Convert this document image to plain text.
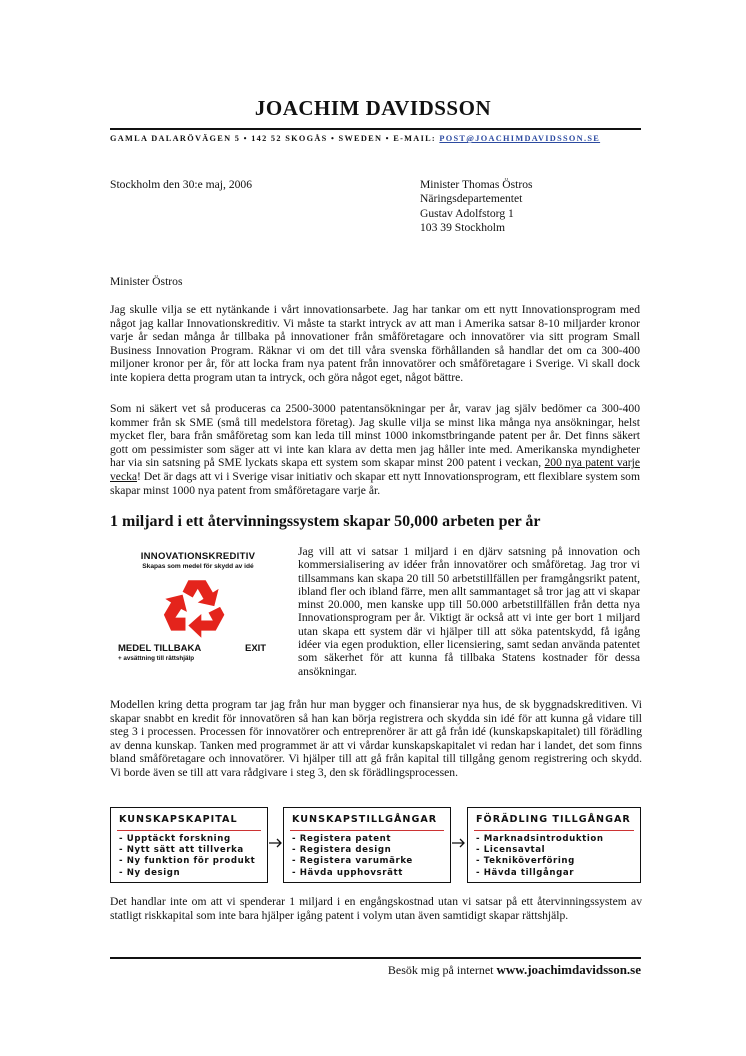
JOACHIM DAVIDSSON
GAMLA DALARÖVÄGEN 5 • 142 52 SKOGÅS • SWEDEN • E-MAIL: POST@JOACHIMDAVIDSSON.SE
Stockholm den 30:e maj, 2006	Minister Thomas Östros
Näringsdepartementet
Gustav Adolfstorg 1
103 39 Stockholm
Minister Östros
Jag skulle vilja se ett nytänkande i vårt innovationsarbete. Jag har tankar om ett nytt Innovationsprogram med något jag kallar Innovationskreditiv. Vi måste ta starkt intryck av att man i Amerika satsar 8-10 miljarder kronor varje år sedan många år tillbaka på innovationer från småföretagare och innovatörer via sitt program Small Business Innovation Program. Räknar vi om det till våra svenska förhållanden så handlar det om ca 300-400 miljoner kronor per år, för att locka fram nya patent från innovatörer och småföretagare i Sverige. Vi skall dock inte kopiera detta program utan ta intryck, och göra något eget, något bättre.
Som ni säkert vet så produceras ca 2500-3000 patentansökningar per år, varav jag själv bedömer ca 300-400 kommer från sk SME (små till medelstora företag). Jag skulle vilja se minst lika många nya ansökningar, helst mycket fler, bara från småföretag som kan leda till minst 1000 inkomstbringande patent per år. Det finns säkert gott om pessimister som säger att vi inte kan klara av detta men jag håller inte med. Amerikanska myndigheter har via sin satsning på SME lyckats skapa ett system som skapar minst 200 patent i veckan, 200 nya patent varje vecka! Det är dags att vi i Sverige visar initiativ och skapar ett nytt Innovationsprogram, ett flexiblare system som skapar minst 1000 nya patent from småföretagare varje år.
1 miljard i ett återvinningssystem skapar 50,000 arbeten per år
INNOVATIONSKREDITIV
Skapas som medel för skydd av idé
MEDEL TILLBAKA	EXIT
+ avsättning till rättshjälp
Jag vill att vi satsar 1 miljard i en djärv satsning på innovation och kommersialisering av idéer från innovatörer och småföretag. Jag tror vi tillsammans kan skapa 20 till 50 arbetstillfällen per framgångsrikt patent, ibland fler och ibland färre, men allt sammantaget så tror jag att vi skapar minst 20.000, men kanske upp till 50.000 arbetstillfällen från detta nya Innovationsprogram per år. Viktigt är också att vi inte ger bort 1 miljard utan skapa ett system där vi hjälper till att söka patentskydd, få igång idéer via egen produktion, eller licensiering, samt sedan använda patentet som säkerhet för att kunna få tillbaka Statens kostnader för dessa ansökningar.
Modellen kring detta program tar jag från hur man bygger och finansierar nya hus, de sk byggnadskreditiven. Vi skapar snabbt en kredit för innovatören så han kan börja registrera och skydda sin idé för att kunna gå vidare till steg 3 i processen. Processen för innovatörer och entreprenörer är att gå från idé (kunskapskapitalet) till förädling av denna kunskap. Tanken med programmet är att vi vårdar kunskapskapitalet vi redan har i landet, det som finns bland småföretagare och innovatörer. Vi hjälper till att gå från kapital till tillgång genom registrering och skydd. Vi borde även se till att vara rådgivare i steg 3, den sk förädlingsprocessen.
KUNSKAPSKAPITAL
- Upptäckt forskning
- Nytt sätt att tillverka
- Ny funktion för produkt
- Ny design
KUNSKAPSTILLGÅNGAR
- Registera patent
- Registera design
- Registera varumärke
- Hävda upphovsrätt
FÖRÄDLING TILLGÅNGAR
- Marknadsintroduktion
- Licensavtal
- Tekniköverföring
- Hävda tillgångar
Det handlar inte om att vi spenderar 1 miljard i en engångskostnad utan vi satsar på ett återvinningssystem av statligt riskkapital som inte bara hjälper igång patent i volym utan även samtidigt skapar rättshjälp.
Besök mig på internet www.joachimdavidsson.se
